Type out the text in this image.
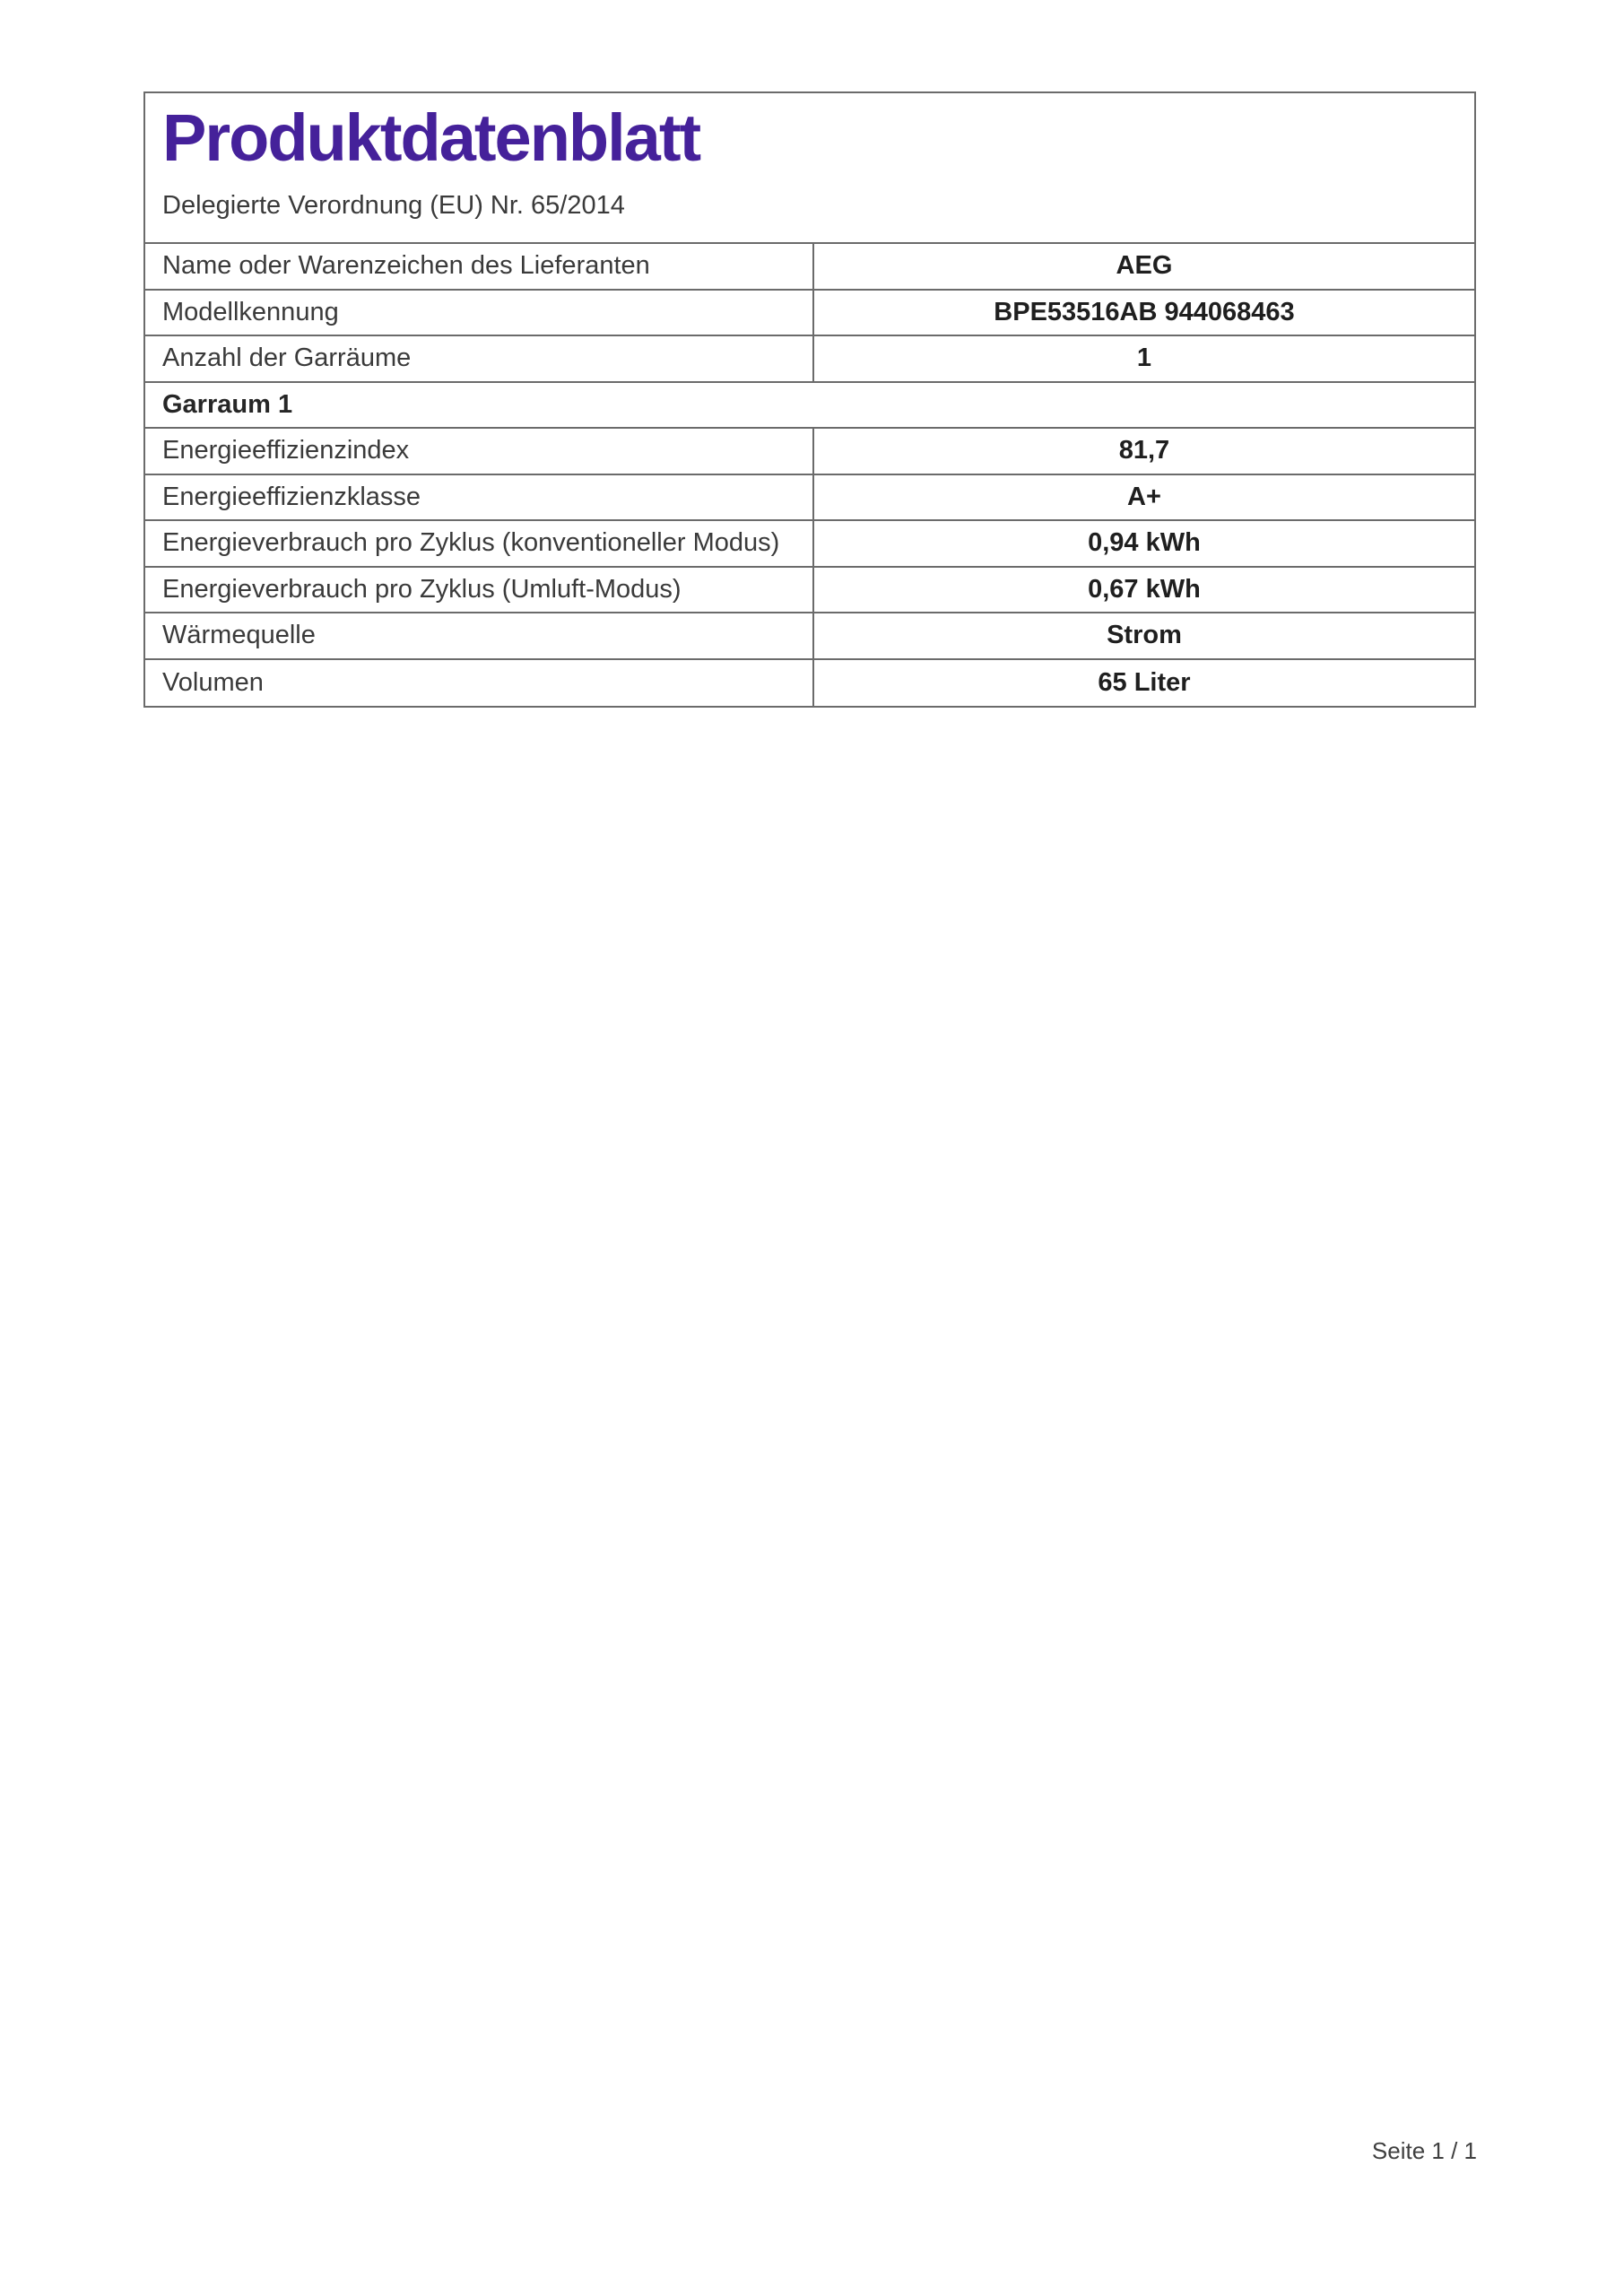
Produktdatenblatt
Delegierte Verordnung (EU) Nr. 65/2014
Name oder Warenzeichen des Lieferanten	AEG
Modellkennung	BPE53516AB 944068463
Anzahl der Garräume	1
Garraum 1
Energieeffizienzindex	81,7
Energieeffizienzklasse	A+
Energieverbrauch pro Zyklus (konventioneller Modus)	0,94 kWh
Energieverbrauch pro Zyklus (Umluft-Modus)	0,67 kWh
Wärmequelle	Strom
Volumen	65 Liter
Seite 1 / 1
